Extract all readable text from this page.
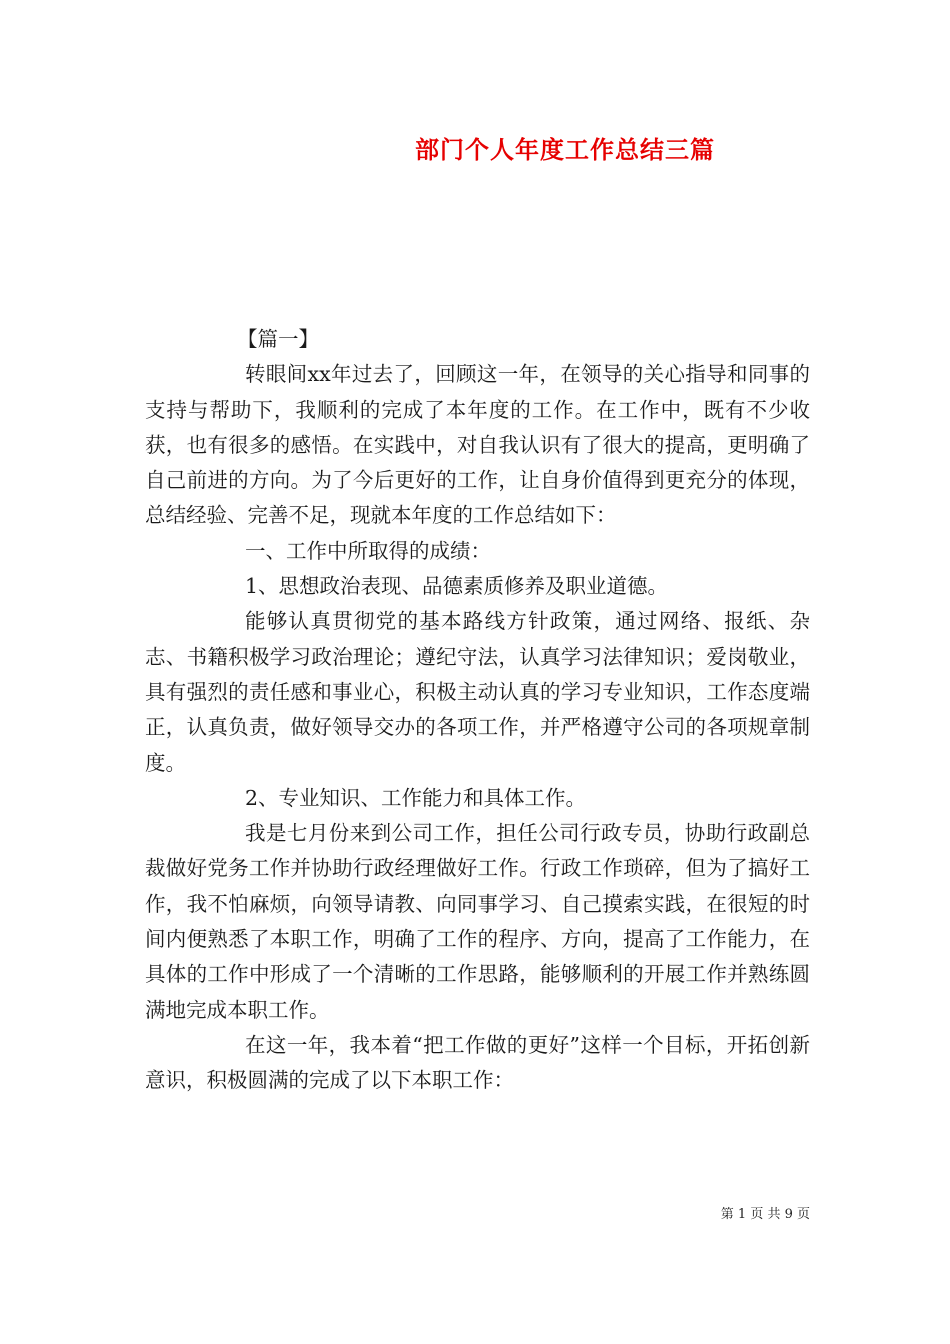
部门个人年度工作总结三篇

【篇一】

转眼间xx年过去了，回顾这一年，在领导的关心指导和同事的支持与帮助下，我顺利的完成了本年度的工作。在工作中，既有不少收获，也有很多的感悟。在实践中，对自我认识有了很大的提高，更明确了自己前进的方向。为了今后更好的工作，让自身价值得到更充分的体现，总结经验、完善不足，现就本年度的工作总结如下：

一、工作中所取得的成绩：

1、思想政治表现、品德素质修养及职业道德。

能够认真贯彻党的基本路线方针政策，通过网络、报纸、杂志、书籍积极学习政治理论；遵纪守法，认真学习法律知识；爱岗敬业，具有强烈的责任感和事业心，积极主动认真的学习专业知识，工作态度端正，认真负责，做好领导交办的各项工作，并严格遵守公司的各项规章制度。

2、专业知识、工作能力和具体工作。

我是七月份来到公司工作，担任公司行政专员，协助行政副总裁做好党务工作并协助行政经理做好工作。行政工作琐碎，但为了搞好工作，我不怕麻烦，向领导请教、向同事学习、自己摸索实践，在很短的时间内便熟悉了本职工作，明确了工作的程序、方向，提高了工作能力，在具体的工作中形成了一个清晰的工作思路，能够顺利的开展工作并熟练圆满地完成本职工作。

在这一年，我本着“把工作做的更好”这样一个目标，开拓创新意识，积极圆满的完成了以下本职工作：

第 1 页 共 9 页
